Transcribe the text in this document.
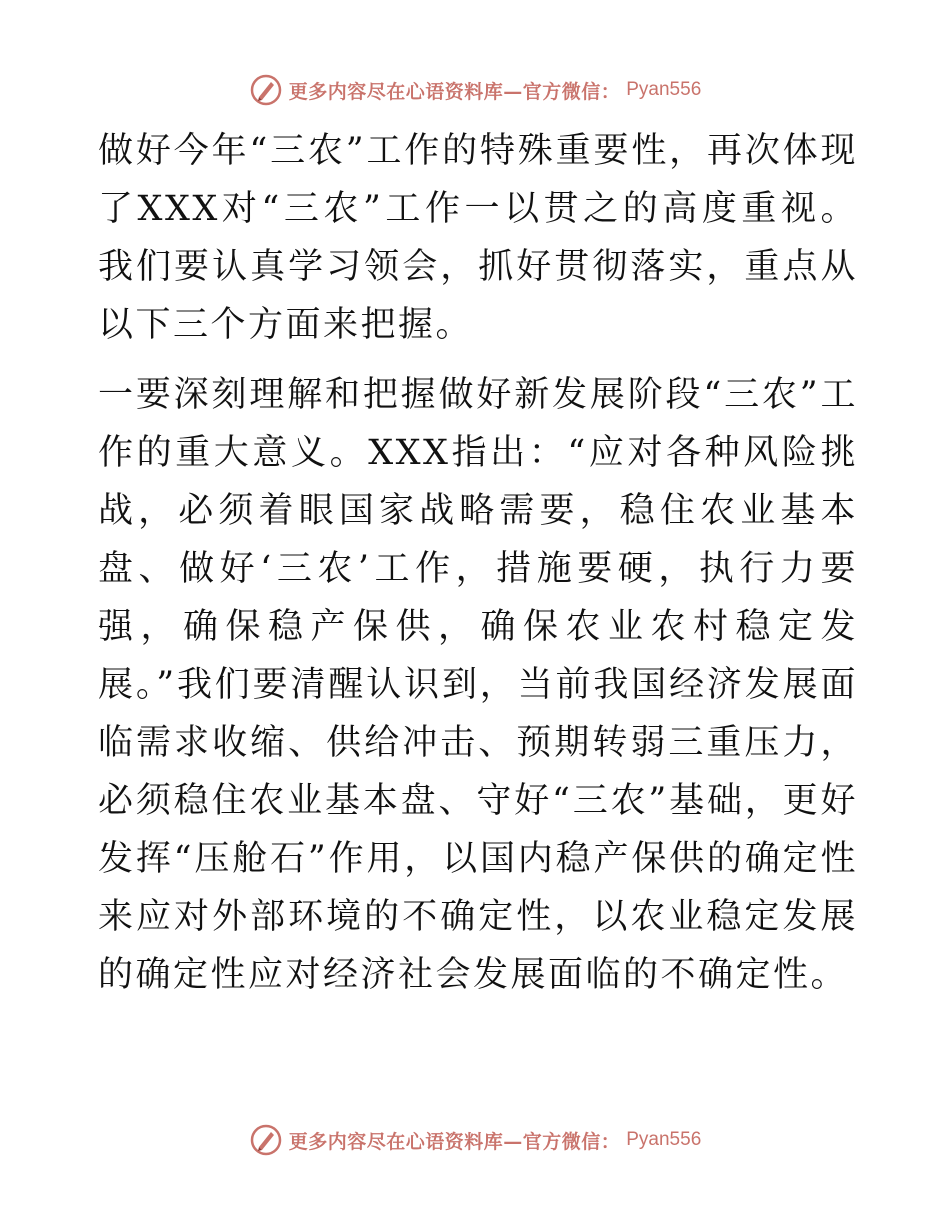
更多内容尽在心语资料库—官方微信： Pyan556

做好今年“三农”工作的特殊重要性，再次体现了XXX对“三农”工作一以贯之的高度重视。我们要认真学习领会，抓好贯彻落实，重点从以下三个方面来把握。

一要深刻理解和把握做好新发展阶段“三农”工作的重大意义。XXX指出：“应对各种风险挑战，必须着眼国家战略需要，稳住农业基本盘、做好‘三农’工作，措施要硬，执行力要强，确保稳产保供，确保农业农村稳定发展。”我们要清醒认识到，当前我国经济发展面临需求收缩、供给冲击、预期转弱三重压力，必须稳住农业基本盘、守好“三农”基础，更好发挥“压舱石”作用，以国内稳产保供的确定性来应对外部环境的不确定性，以农业稳定发展的确定性应对经济社会发展面临的不确定性。

更多内容尽在心语资料库—官方微信： Pyan556
